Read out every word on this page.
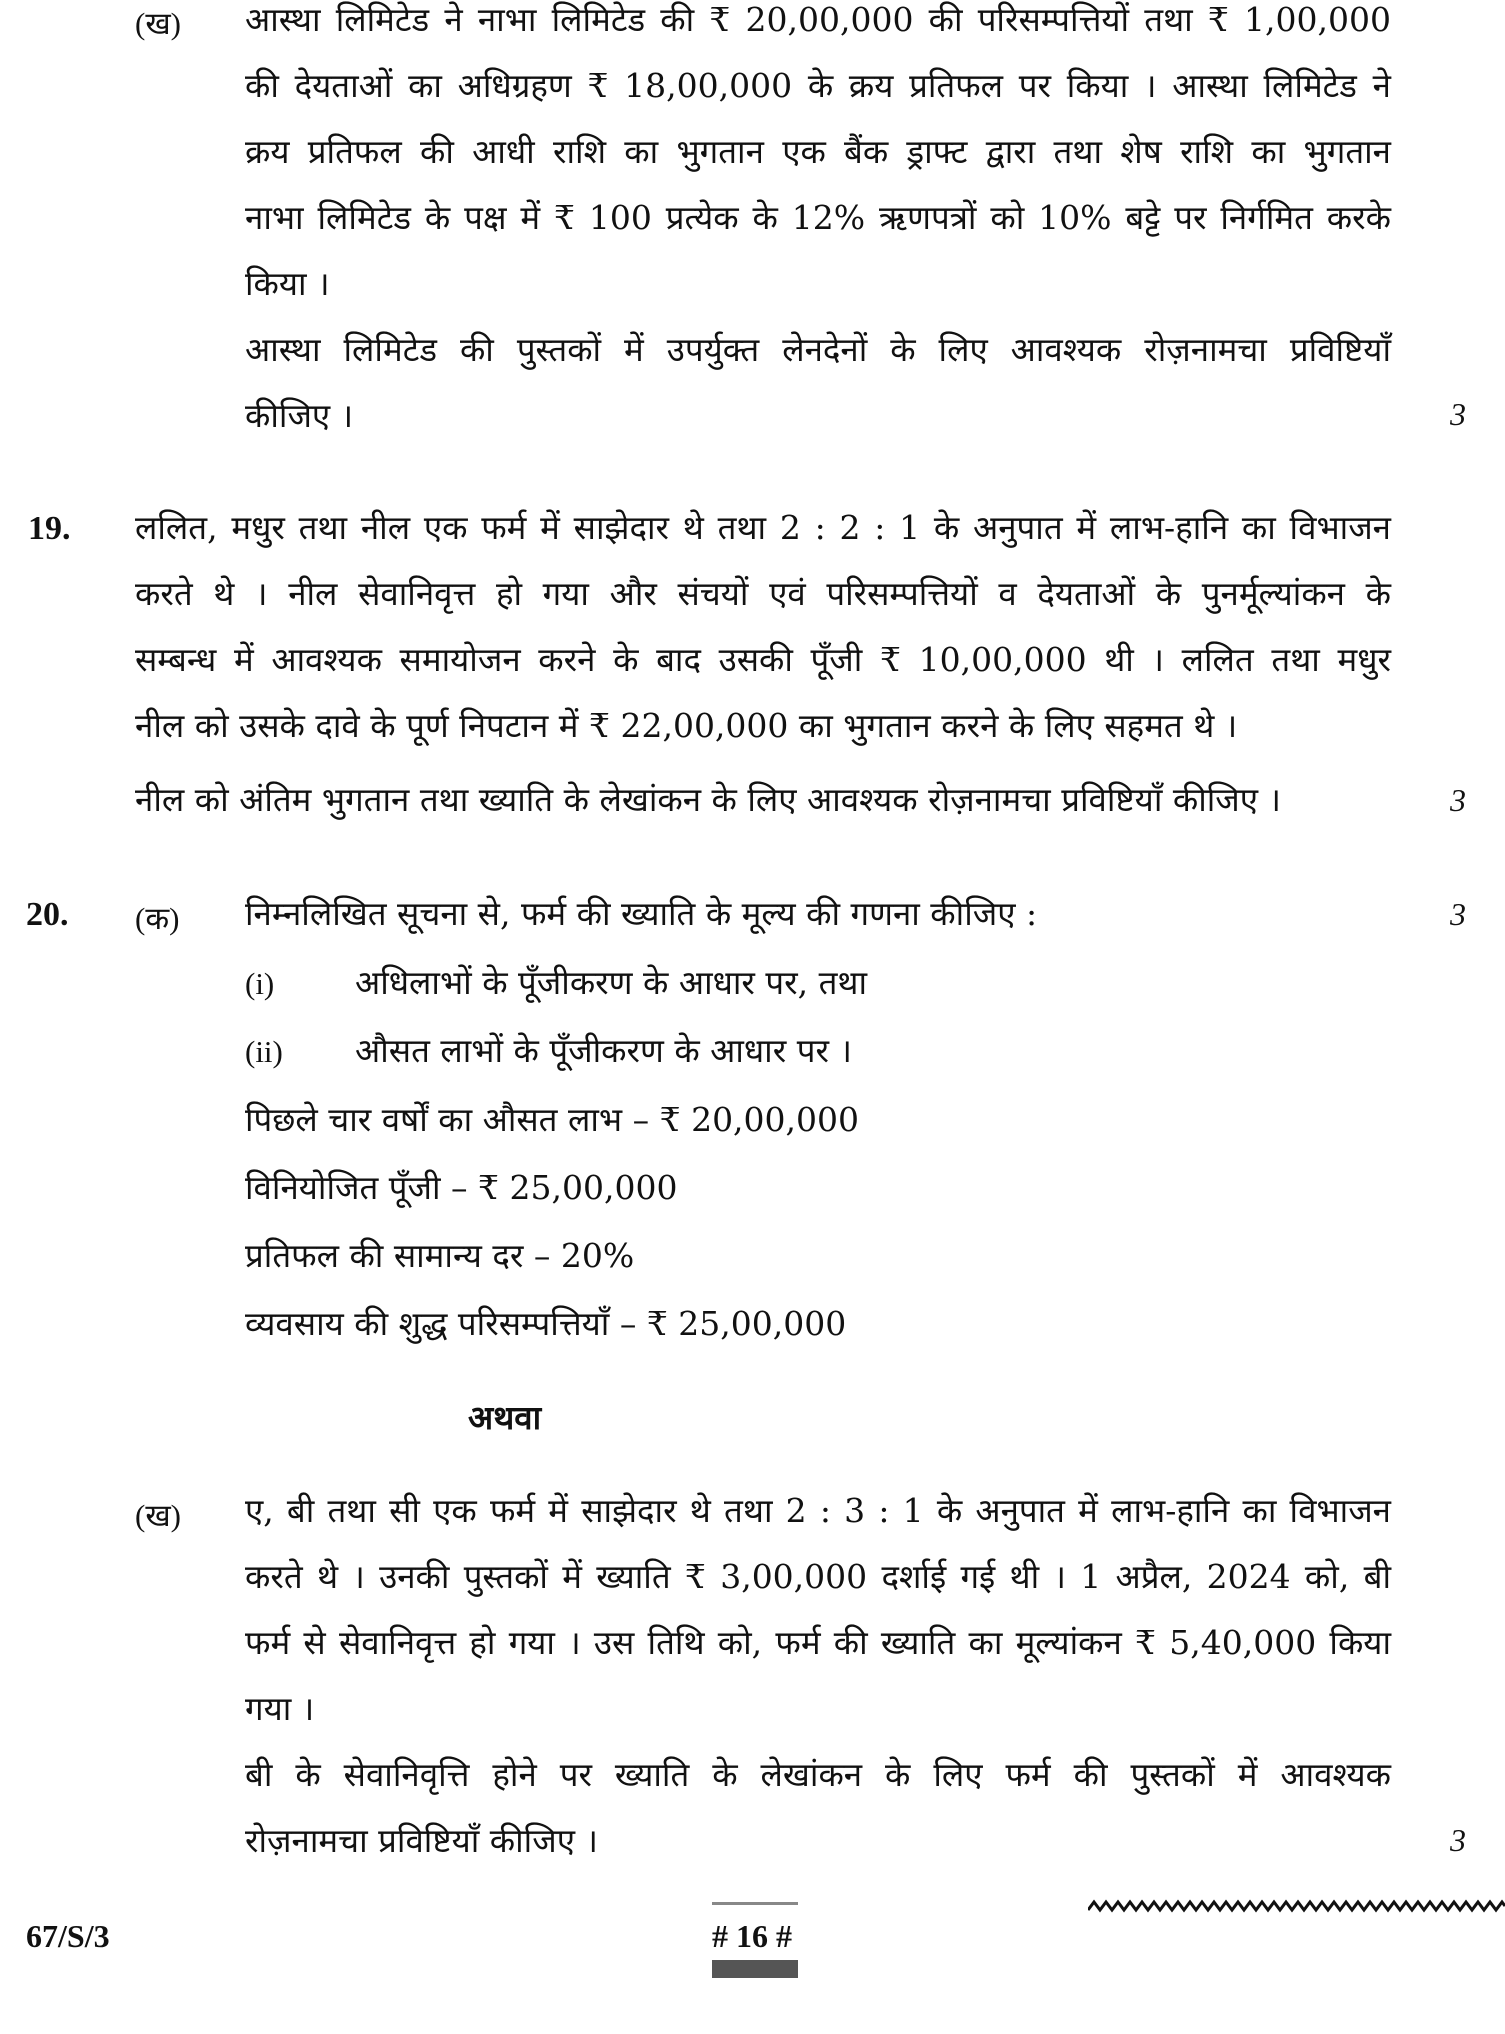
(ख) आस्था लिमिटेड ने नाभा लिमिटेड की ₹ 20,00,000 की परिसम्पत्तियों तथा ₹ 1,00,000
की देयताओं का अधिग्रहण ₹ 18,00,000 के क्रय प्रतिफल पर किया । आस्था लिमिटेड ने
क्रय प्रतिफल की आधी राशि का भुगतान एक बैंक ड्राफ्ट द्वारा तथा शेष राशि का भुगतान
नाभा लिमिटेड के पक्ष में ₹ 100 प्रत्येक के 12% ऋणपत्रों को 10% बट्टे पर निर्गमित करके
किया ।
आस्था लिमिटेड की पुस्तकों में उपर्युक्त लेनदेनों के लिए आवश्यक रोज़नामचा प्रविष्टियाँ
कीजिए ।	3
19. ललित, मधुर तथा नील एक फर्म में साझेदार थे तथा 2 : 2 : 1 के अनुपात में लाभ-हानि का विभाजन
करते थे । नील सेवानिवृत्त हो गया और संचयों एवं परिसम्पत्तियों व देयताओं के पुनर्मूल्यांकन के
सम्बन्ध में आवश्यक समायोजन करने के बाद उसकी पूँजी ₹ 10,00,000 थी । ललित तथा मधुर
नील को उसके दावे के पूर्ण निपटान में ₹ 22,00,000 का भुगतान करने के लिए सहमत थे ।
नील को अंतिम भुगतान तथा ख्याति के लेखांकन के लिए आवश्यक रोज़नामचा प्रविष्टियाँ कीजिए ।	3
20. (क) निम्नलिखित सूचना से, फर्म की ख्याति के मूल्य की गणना कीजिए :	3
(i) अधिलाभों के पूँजीकरण के आधार पर, तथा
(ii) औसत लाभों के पूँजीकरण के आधार पर ।
पिछले चार वर्षों का औसत लाभ – ₹ 20,00,000
विनियोजित पूँजी – ₹ 25,00,000
प्रतिफल की सामान्य दर – 20%
व्यवसाय की शुद्ध परिसम्पत्तियाँ – ₹ 25,00,000
अथवा
(ख) ए, बी तथा सी एक फर्म में साझेदार थे तथा 2 : 3 : 1 के अनुपात में लाभ-हानि का विभाजन
करते थे । उनकी पुस्तकों में ख्याति ₹ 3,00,000 दर्शाई गई थी । 1 अप्रैल, 2024 को, बी
फर्म से सेवानिवृत्त हो गया । उस तिथि को, फर्म की ख्याति का मूल्यांकन ₹ 5,40,000 किया
गया ।
बी के सेवानिवृत्ति होने पर ख्याति के लेखांकन के लिए फर्म की पुस्तकों में आवश्यक
रोज़नामचा प्रविष्टियाँ कीजिए ।	3
67/S/3	# 16 #
